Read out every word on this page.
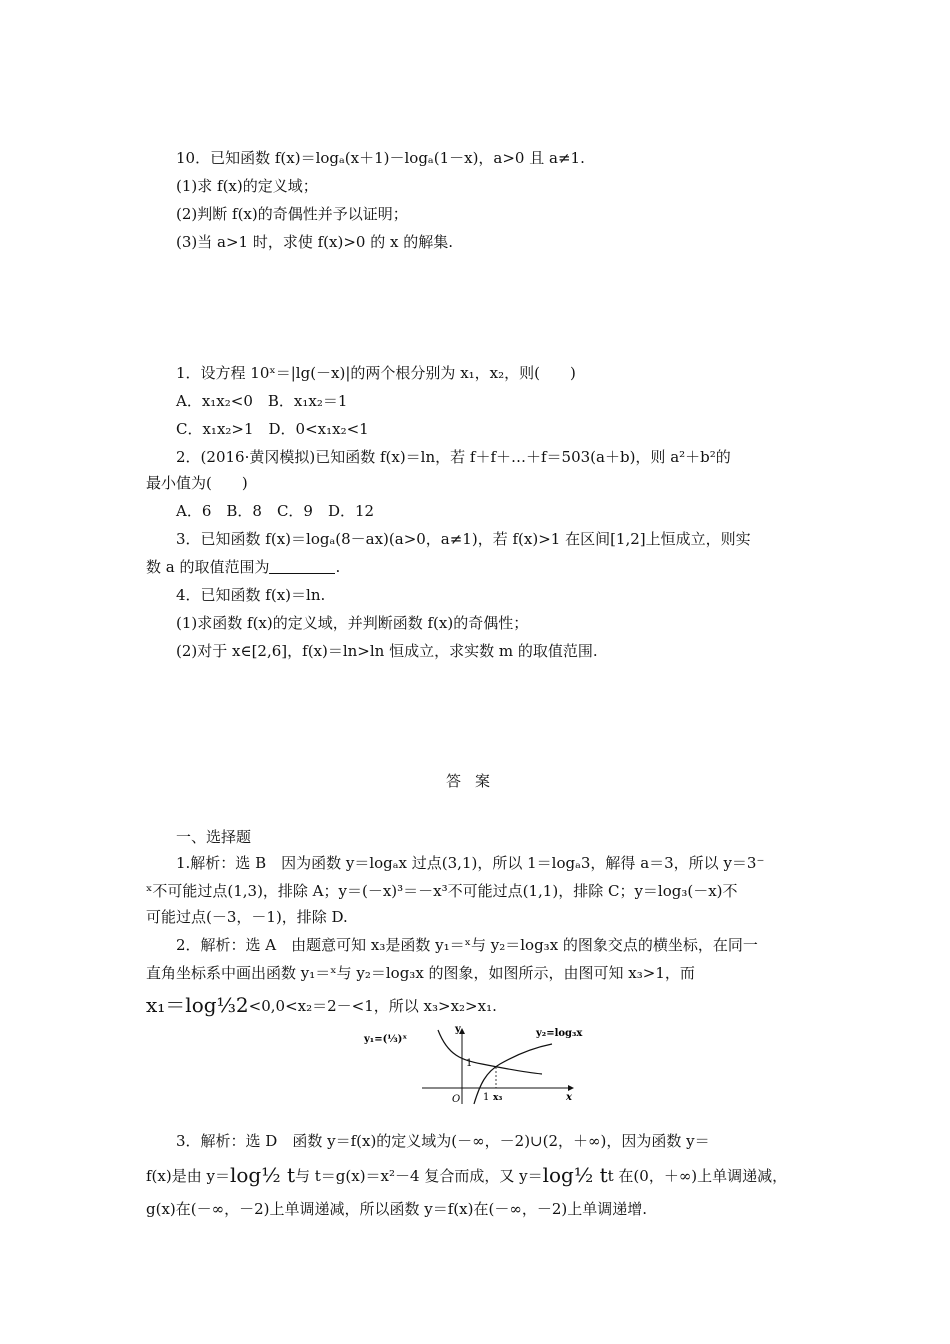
10．已知函数 f(x)＝logₐ(x＋1)－logₐ(1－x)，a>0 且 a≠1.
(1)求 f(x)的定义域；
(2)判断 f(x)的奇偶性并予以证明；
(3)当 a>1 时，求使 f(x)>0 的 x 的解集.
1．设方程 10ˣ＝|lg(－x)|的两个根分别为 x₁，x₂，则(　　)
A．x₁x₂<0　B．x₁x₂＝1
C．x₁x₂>1　D．0<x₁x₂<1
2．(2016·黄冈模拟)已知函数 f(x)＝ln，若 f＋f＋…＋f＝503(a＋b)，则 a²＋b²的
最小值为(　　)
A．6　B．8　C．9　D．12
3．已知函数 f(x)＝logₐ(8－ax)(a>0，a≠1)，若 f(x)>1 在区间[1,2]上恒成立，则实
数 a 的取值范围为	.
4．已知函数 f(x)＝ln.
(1)求函数 f(x)的定义域，并判断函数 f(x)的奇偶性；
(2)对于 x∈[2,6]，f(x)＝ln>ln 恒成立，求实数 m 的取值范围.
答案
一、选择题
1.解析：选 B　因为函数 y＝logₐx 过点(3,1)，所以 1＝logₐ3，解得 a＝3，所以 y＝3⁻
ˣ不可能过点(1,3)，排除 A；y＝(－x)³＝－x³不可能过点(1,1)，排除 C；y＝log₃(－x)不
可能过点(－3，－1)，排除 D.
2．解析：选 A　由题意可知 x₃是函数 y₁＝ˣ与 y₂＝log₃x 的图象交点的横坐标，在同一
直角坐标系中画出函数 y₁＝ˣ与 y₂＝log₃x 的图象，如图所示，由图可知 x₃>1，而
x₁＝log⅓2<0,0<x₂＝2－<1，所以 x₃>x₂>x₁.
y₁=(⅓)ˣ
y₂=log₃x
y
x
O
1
1 x₃
3．解析：选 D　函数 y＝f(x)的定义域为(－∞，－2)∪(2，＋∞)，因为函数 y＝
f(x)是由 y＝log½ t与 t＝g(x)＝x²－4 复合而成，又 y＝log½ tt 在(0，＋∞)上单调递减，
g(x)在(－∞，－2)上单调递减，所以函数 y＝f(x)在(－∞，－2)上单调递增.
